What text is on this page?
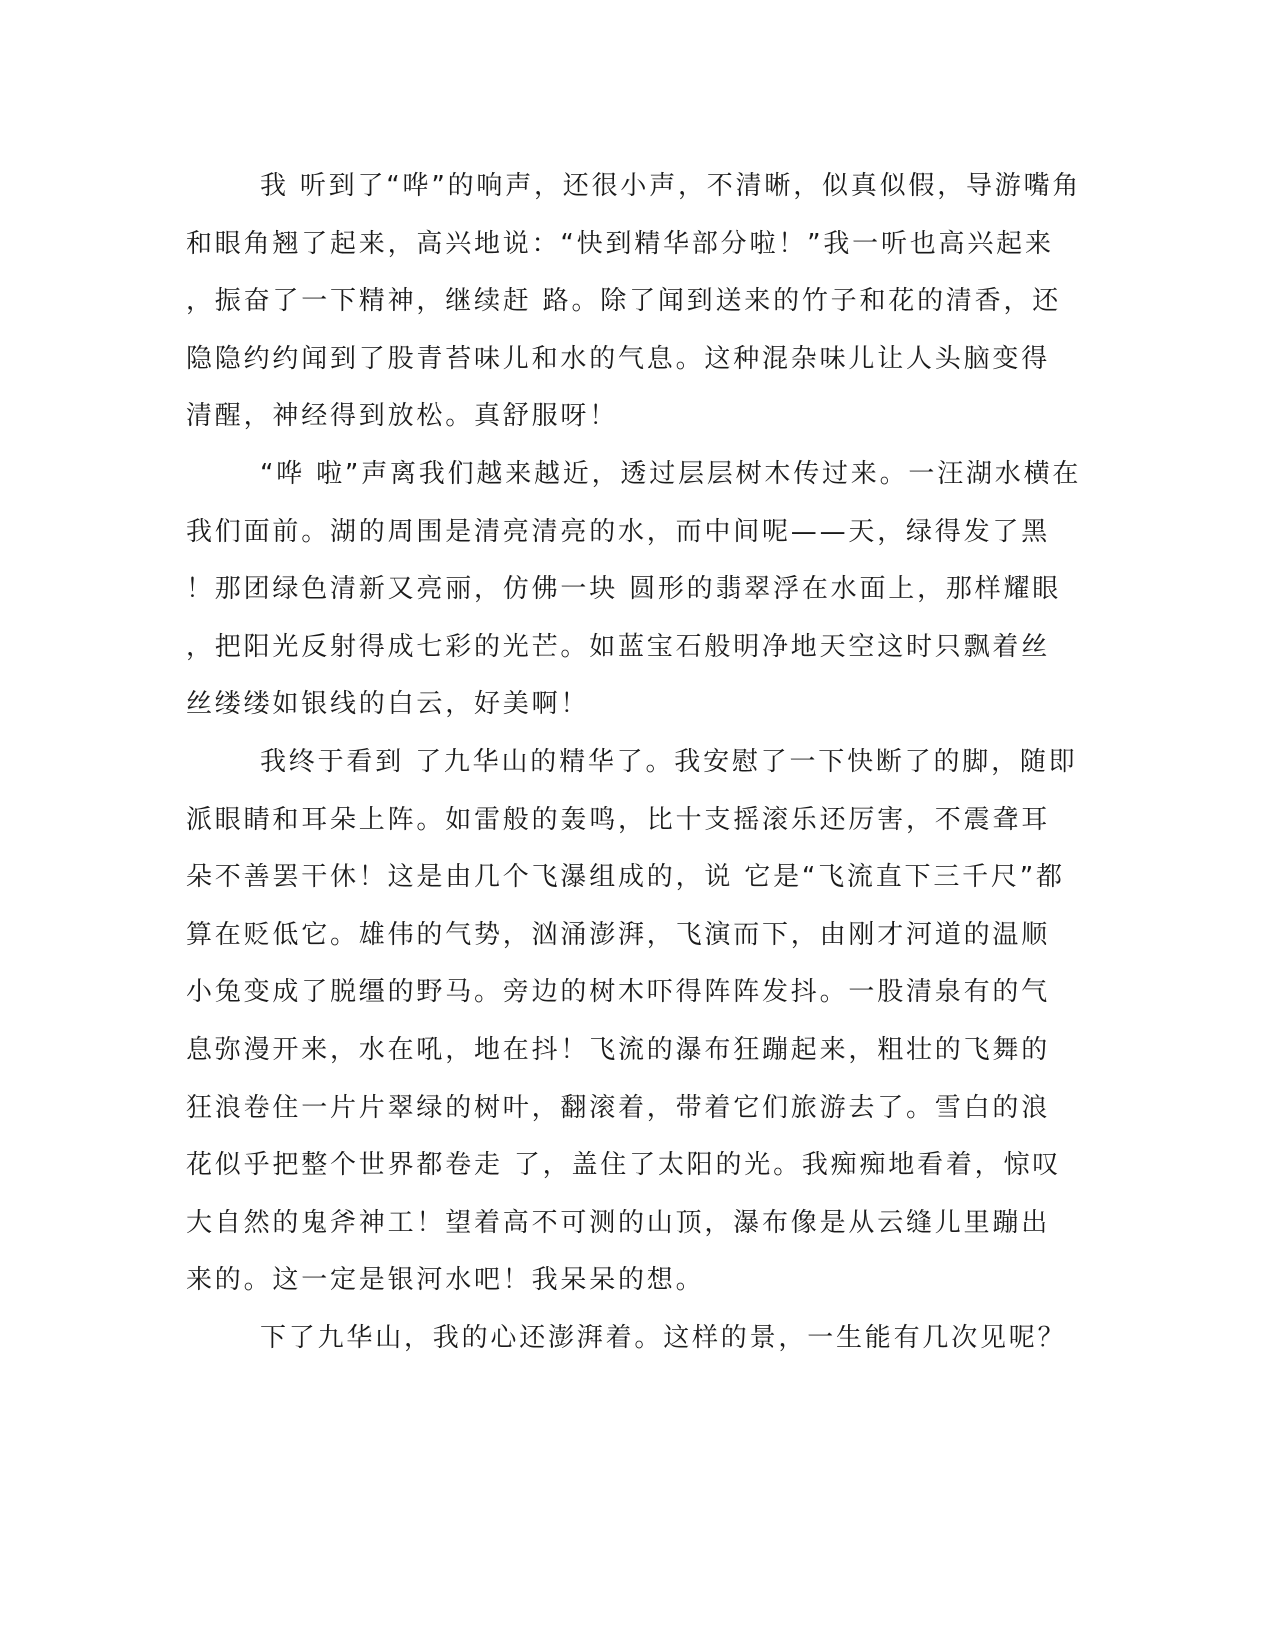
我 听到了“哗”的响声，还很小声，不清晰，似真似假，导游嘴角
和眼角翘了起来，高兴地说：“快到精华部分啦！”我一听也高兴起来
，振奋了一下精神，继续赶 路。除了闻到送来的竹子和花的清香，还
隐隐约约闻到了股青苔味儿和水的气息。这种混杂味儿让人头脑变得
清醒，神经得到放松。真舒服呀！
“哗 啦”声离我们越来越近，透过层层树木传过来。一汪湖水横在
我们面前。湖的周围是清亮清亮的水，而中间呢——天，绿得发了黑
！那团绿色清新又亮丽，仿佛一块 圆形的翡翠浮在水面上，那样耀眼
，把阳光反射得成七彩的光芒。如蓝宝石般明净地天空这时只飘着丝
丝缕缕如银线的白云，好美啊！
我终于看到 了九华山的精华了。我安慰了一下快断了的脚，随即
派眼睛和耳朵上阵。如雷般的轰鸣，比十支摇滚乐还厉害，不震聋耳
朵不善罢干休！这是由几个飞瀑组成的，说 它是“飞流直下三千尺”都
算在贬低它。雄伟的气势，汹涌澎湃，飞演而下，由刚才河道的温顺
小兔变成了脱缰的野马。旁边的树木吓得阵阵发抖。一股清泉有的气
息弥漫开来，水在吼，地在抖！飞流的瀑布狂蹦起来，粗壮的飞舞的
狂浪卷住一片片翠绿的树叶，翻滚着，带着它们旅游去了。雪白的浪
花似乎把整个世界都卷走 了，盖住了太阳的光。我痴痴地看着，惊叹
大自然的鬼斧神工！望着高不可测的山顶，瀑布像是从云缝儿里蹦出
来的。这一定是银河水吧！我呆呆的想。
下了九华山，我的心还澎湃着。这样的景，一生能有几次见呢？
